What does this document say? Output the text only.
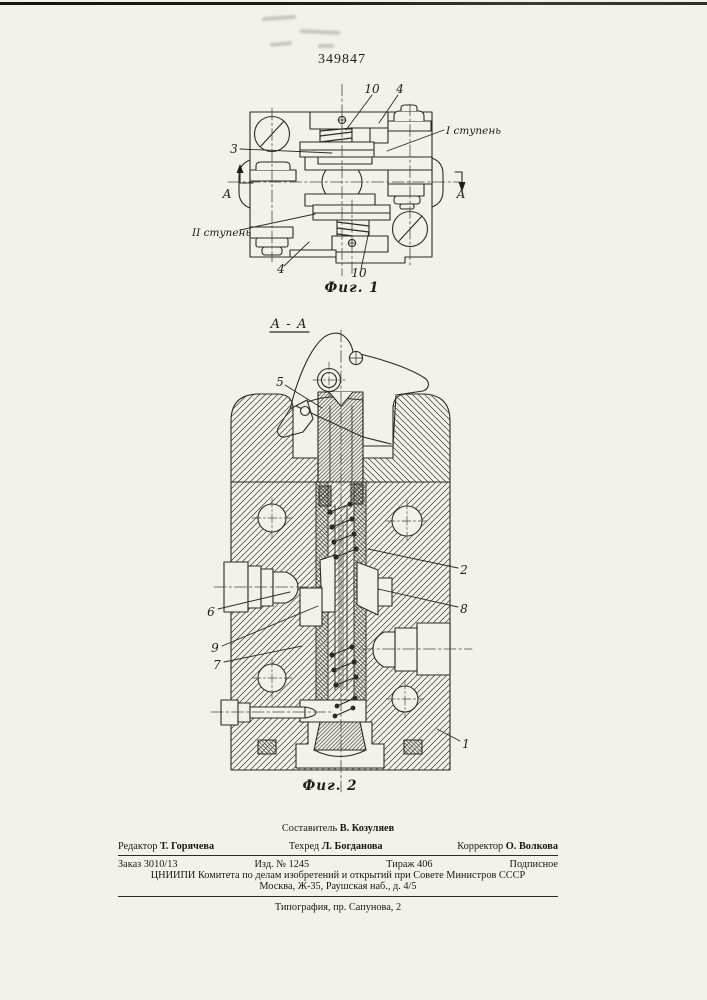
349847
10 4
3
I ступень
II ступень
4	10
А	А
Фиг. 1
А - А
5
2
8
6
9
7
1
Фиг. 2
Составитель В. Козуляев
Редактор Т. Горячева	Техред Л. Богданова	Корректор О. Волкова
Заказ 3010/13	Изд. № 1245	Тираж 406	Подписное
ЦНИИПИ Комитета по делам изобретений и открытий при Совете Министров СССР
Москва, Ж-35, Раушская наб., д. 4/5
Типография, пр. Сапунова, 2
